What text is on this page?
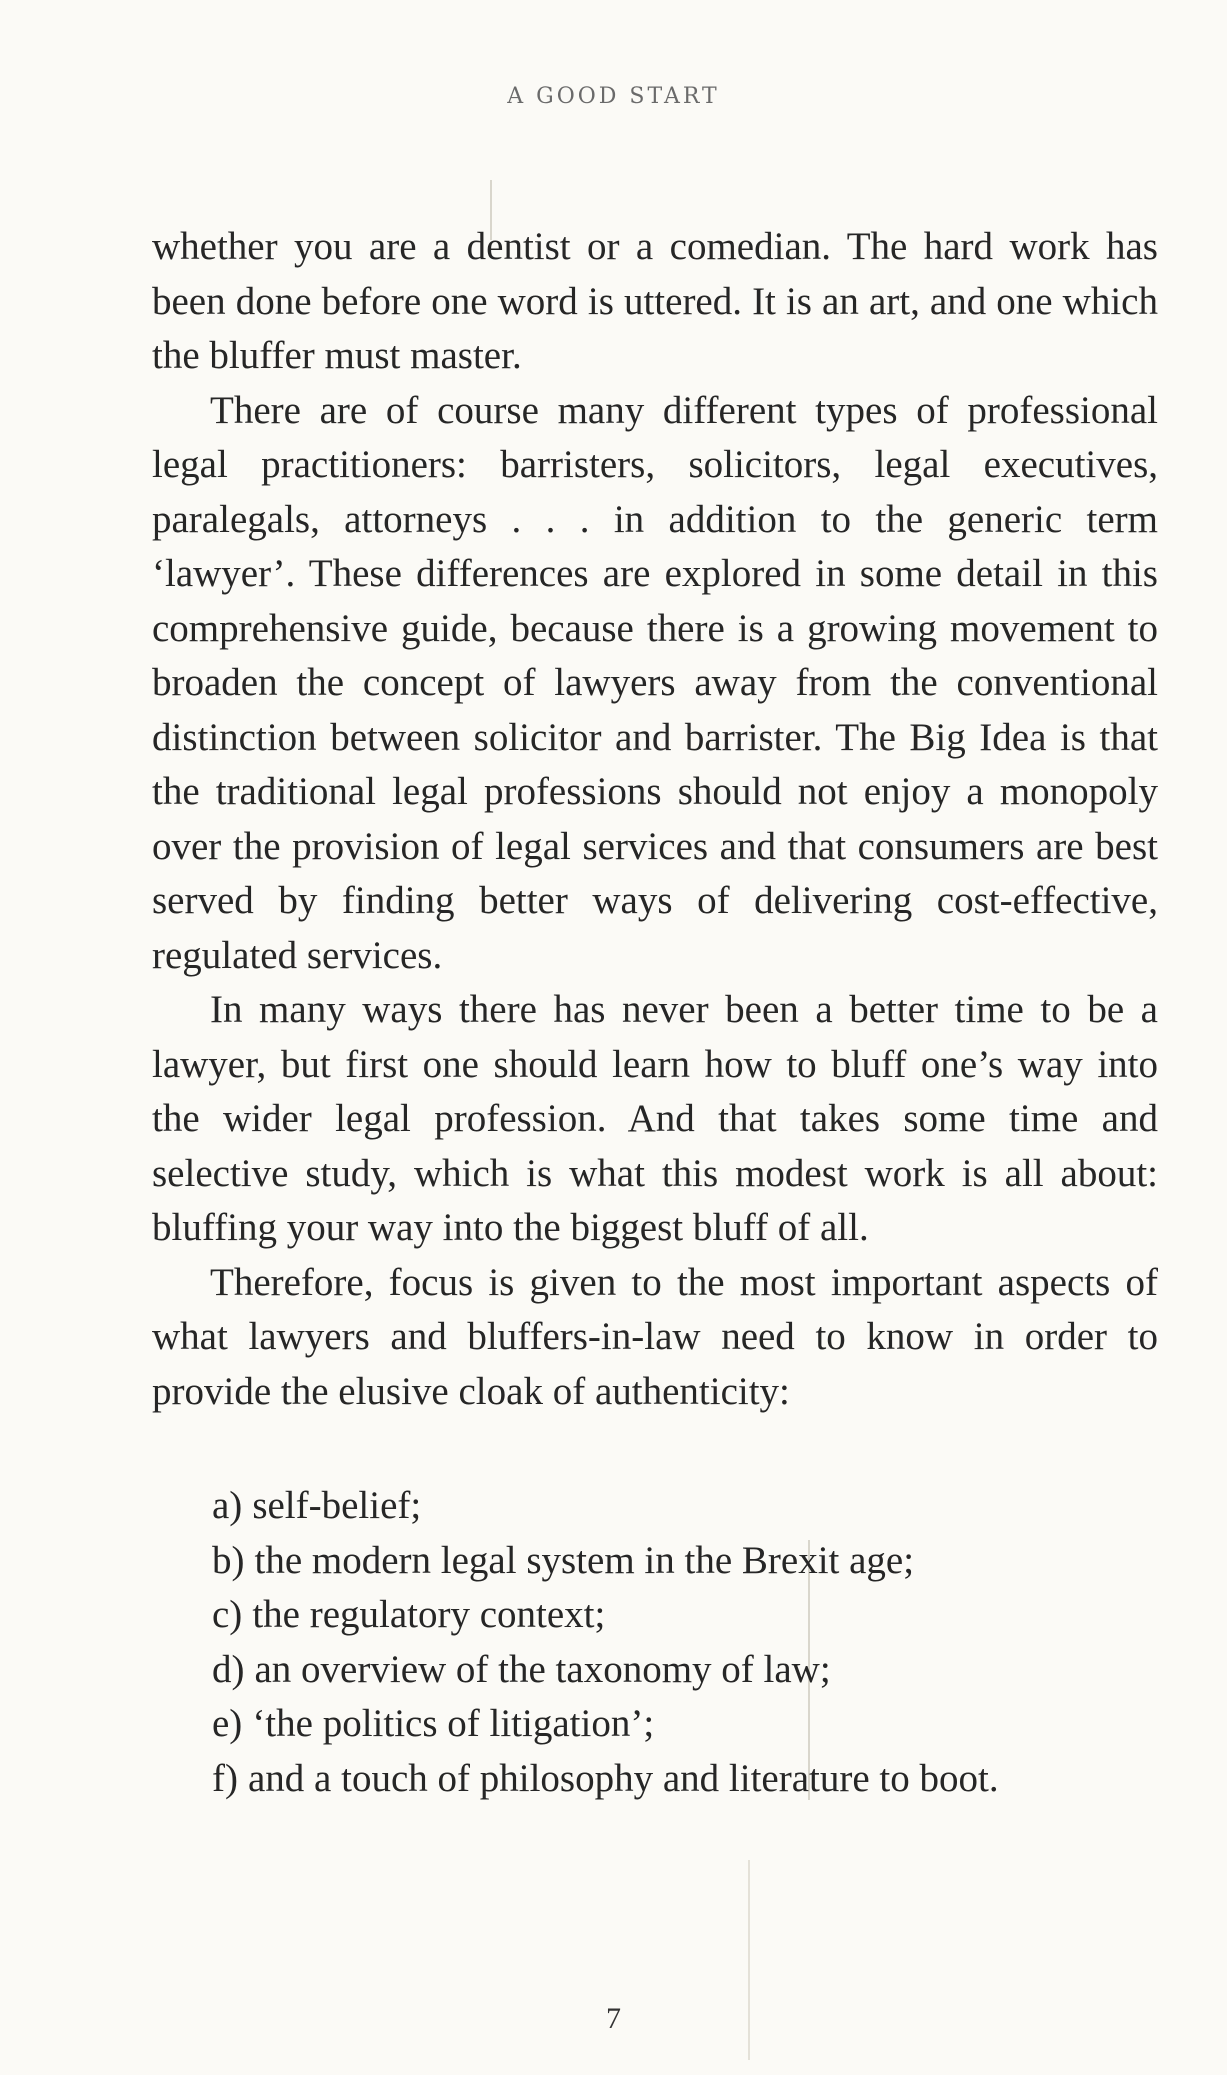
A GOOD START

whether you are a dentist or a comedian. The hard work has been done before one word is uttered. It is an art, and one which the bluffer must master.

There are of course many different types of professional legal practitioners: barristers, solicitors, legal executives, paralegals, attorneys . . . in addition to the generic term ‘lawyer’. These differences are explored in some detail in this comprehensive guide, because there is a growing movement to broaden the concept of lawyers away from the conventional distinction between solicitor and barrister. The Big Idea is that the traditional legal professions should not enjoy a monopoly over the provision of legal services and that consumers are best served by finding better ways of delivering cost-effective, regulated services.

In many ways there has never been a better time to be a lawyer, but first one should learn how to bluff one’s way into the wider legal profession. And that takes some time and selective study, which is what this modest work is all about: bluffing your way into the biggest bluff of all.

Therefore, focus is given to the most important aspects of what lawyers and bluffers-in-law need to know in order to provide the elusive cloak of authenticity:

a) self-belief;
b) the modern legal system in the Brexit age;
c) the regulatory context;
d) an overview of the taxonomy of law;
e) ‘the politics of litigation’;
f) and a touch of philosophy and literature to boot.
7
